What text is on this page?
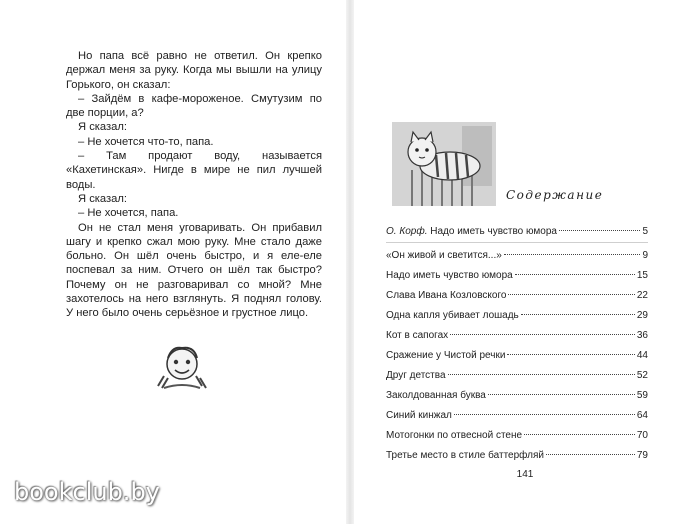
Но папа всё равно не ответил. Он крепко держал меня за руку. Когда мы вышли на улицу Горького, он сказал:

– Зайдём в кафе-мороженое. Смутузим по две порции, а?

Я сказал:

– Не хочется что-то, папа.

– Там продают воду, называется «Кахетинская». Нигде в мире не пил лучшей воды.

Я сказал:

– Не хочется, папа.

Он не стал меня уговаривать. Он прибавил шагу и крепко сжал мою руку. Мне стало даже больно. Он шёл очень быстро, и я еле-еле поспевал за ним. Отчего он шёл так быстро? Почему он не разговаривал со мной? Мне захотелось на него взглянуть. Я поднял голову. У него было очень серьёзное и грустное лицо.

Содержание
О. Корф. Надо иметь чувство юмора	5
«Он живой и светится...»	9
Надо иметь чувство юмора	15
Слава Ивана Козловского	22
Одна капля убивает лошадь	29
Кот в сапогах	36
Сражение у Чистой речки	44
Друг детства	52
Заколдованная буква	59
Синий кинжал	64
Мотогонки по отвесной стене	70
Третье место в стиле баттерфляй	79
141
bookclub.by
